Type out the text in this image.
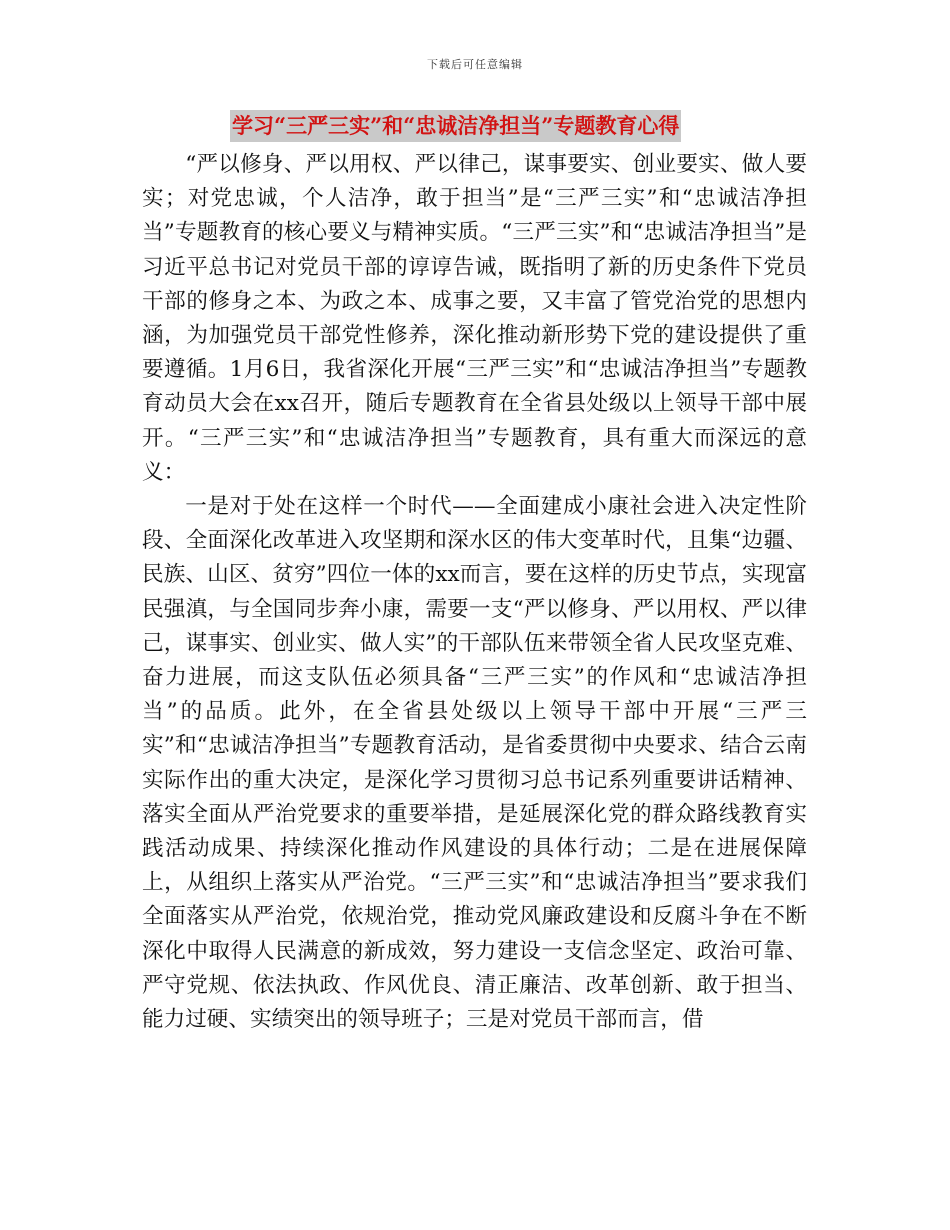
下载后可任意编辑
学习“三严三实”和“忠诚洁净担当”专题教育心得

“严以修身、严以用权、严以律己，谋事要实、创业要实、做人要实；对党忠诚，个人洁净，敢于担当”是“三严三实”和“忠诚洁净担当”专题教育的核心要义与精神实质。“三严三实”和“忠诚洁净担当”是习近平总书记对党员干部的谆谆告诫，既指明了新的历史条件下党员干部的修身之本、为政之本、成事之要，又丰富了管党治党的思想内涵，为加强党员干部党性修养，深化推动新形势下党的建设提供了重要遵循。1月6日，我省深化开展“三严三实”和“忠诚洁净担当”专题教育动员大会在xx召开，随后专题教育在全省县处级以上领导干部中展开。“三严三实”和“忠诚洁净担当”专题教育，具有重大而深远的意义：

一是对于处在这样一个时代——全面建成小康社会进入决定性阶段、全面深化改革进入攻坚期和深水区的伟大变革时代，且集“边疆、民族、山区、贫穷”四位一体的xx而言，要在这样的历史节点，实现富民强滇，与全国同步奔小康，需要一支“严以修身、严以用权、严以律己，谋事实、创业实、做人实”的干部队伍来带领全省人民攻坚克难、奋力进展，而这支队伍必须具备“三严三实”的作风和“忠诚洁净担当”的品质。此外，在全省县处级以上领导干部中开展“三严三实”和“忠诚洁净担当”专题教育活动，是省委贯彻中央要求、结合云南实际作出的重大决定，是深化学习贯彻习总书记系列重要讲话精神、落实全面从严治党要求的重要举措，是延展深化党的群众路线教育实践活动成果、持续深化推动作风建设的具体行动；二是在进展保障上，从组织上落实从严治党。“三严三实”和“忠诚洁净担当”要求我们全面落实从严治党，依规治党，推动党风廉政建设和反腐斗争在不断深化中取得人民满意的新成效，努力建设一支信念坚定、政治可靠、严守党规、依法执政、作风优良、清正廉洁、改革创新、敢于担当、能力过硬、实绩突出的领导班子；三是对党员干部而言，借
